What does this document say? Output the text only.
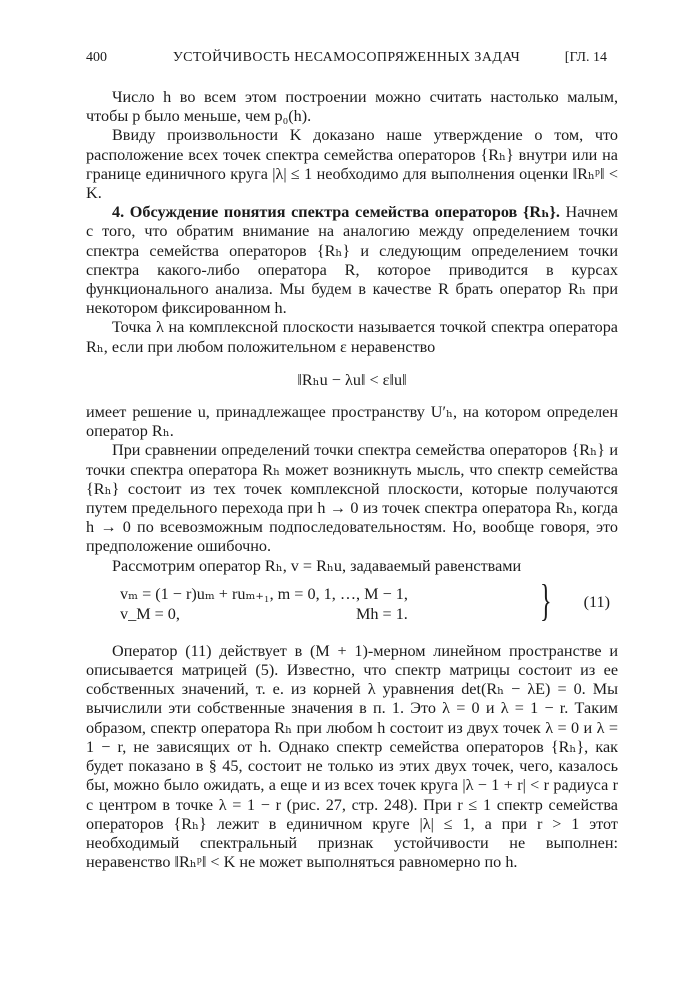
400	УСТОЙЧИВОСТЬ НЕСАМОСОПРЯЖЕННЫХ ЗАДАЧ	[ГЛ. 14

Число h во всем этом построении можно считать настолько малым, чтобы p было меньше, чем p₀(h).

Ввиду произвольности K доказано наше утверждение о том, что расположение всех точек спектра семейства операторов {Rₕ} внутри или на границе единичного круга |λ| ≤ 1 необходимо для выполнения оценки ‖Rₕᵖ‖ < K.

4. Обсуждение понятия спектра семейства операторов {Rₕ}. Начнем с того, что обратим внимание на аналогию между определением точки спектра семейства операторов {Rₕ} и следующим определением точки спектра какого-либо оператора R, которое приводится в курсах функционального анализа. Мы будем в качестве R брать оператор Rₕ при некотором фиксированном h.

Точка λ на комплексной плоскости называется точкой спектра оператора Rₕ, если при любом положительном ε неравенство

‖Rₕu − λu‖ < ε‖u‖

имеет решение u, принадлежащее пространству U′ₕ, на котором определен оператор Rₕ.

При сравнении определений точки спектра семейства операторов {Rₕ} и точки спектра оператора Rₕ может возникнуть мысль, что спектр семейства {Rₕ} состоит из тех точек комплексной плоскости, которые получаются путем предельного перехода при h → 0 из точек спектра оператора Rₕ, когда h → 0 по всевозможным подпоследовательностям. Но, вообще говоря, это предположение ошибочно.

Рассмотрим оператор Rₕ, v = Rₕu, задаваемый равенствами

vₘ = (1 − r)uₘ + ruₘ₊₁, m = 0, 1, …, M − 1,
v_M = 0,	Mh = 1.	} (11)

Оператор (11) действует в (M + 1)-мерном линейном пространстве и описывается матрицей (5). Известно, что спектр матрицы состоит из ее собственных значений, т. е. из корней λ уравнения det(Rₕ − λE) = 0. Мы вычислили эти собственные значения в п. 1. Это λ = 0 и λ = 1 − r. Таким образом, спектр оператора Rₕ при любом h состоит из двух точек λ = 0 и λ = 1 − r, не зависящих от h. Однако спектр семейства операторов {Rₕ}, как будет показано в § 45, состоит не только из этих двух точек, чего, казалось бы, можно было ожидать, а еще и из всех точек круга |λ − 1 + r| < r радиуса r с центром в точке λ = 1 − r (рис. 27, стр. 248). При r ≤ 1 спектр семейства операторов {Rₕ} лежит в единичном круге |λ| ≤ 1, а при r > 1 этот необходимый спектральный признак устойчивости не выполнен: неравенство ‖Rₕᵖ‖ < K не может выполняться равномерно по h.
